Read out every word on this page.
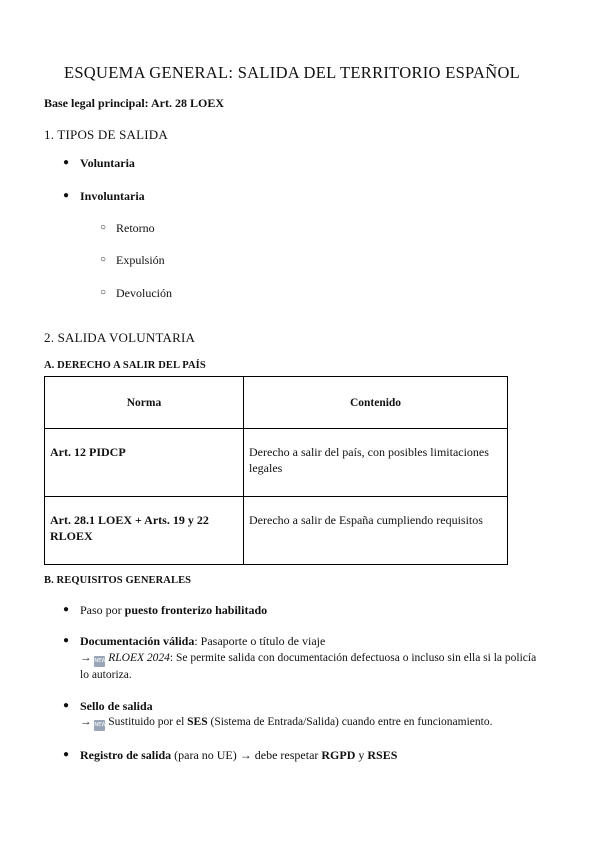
ESQUEMA GENERAL: SALIDA DEL TERRITORIO ESPAÑOL

Base legal principal: Art. 28 LOEX

1. TIPOS DE SALIDA
● Voluntaria
● Involuntaria
○ Retorno
○ Expulsión
○ Devolución
2. SALIDA VOLUNTARIA
A. DERECHO A SALIR DEL PAÍS
Norma	Contenido

Art. 12 PIDCP	Derecho a salir del país, con posibles limitaciones legales

Art. 28.1 LOEX + Arts. 19 y 22 RLOEX	Derecho a salir de España cumpliendo requisitos
B. REQUISITOS GENERALES
● Paso por puesto fronterizo habilitado
● Documentación válida: Pasaporte o título de viaje
→ NEW RLOEX 2024: Se permite salida con documentación defectuosa o incluso sin ella si la policía lo autoriza.
● Sello de salida
→ NEW Sustituido por el SES (Sistema de Entrada/Salida) cuando entre en funcionamiento.
● Registro de salida (para no UE) → debe respetar RGPD y RSES
